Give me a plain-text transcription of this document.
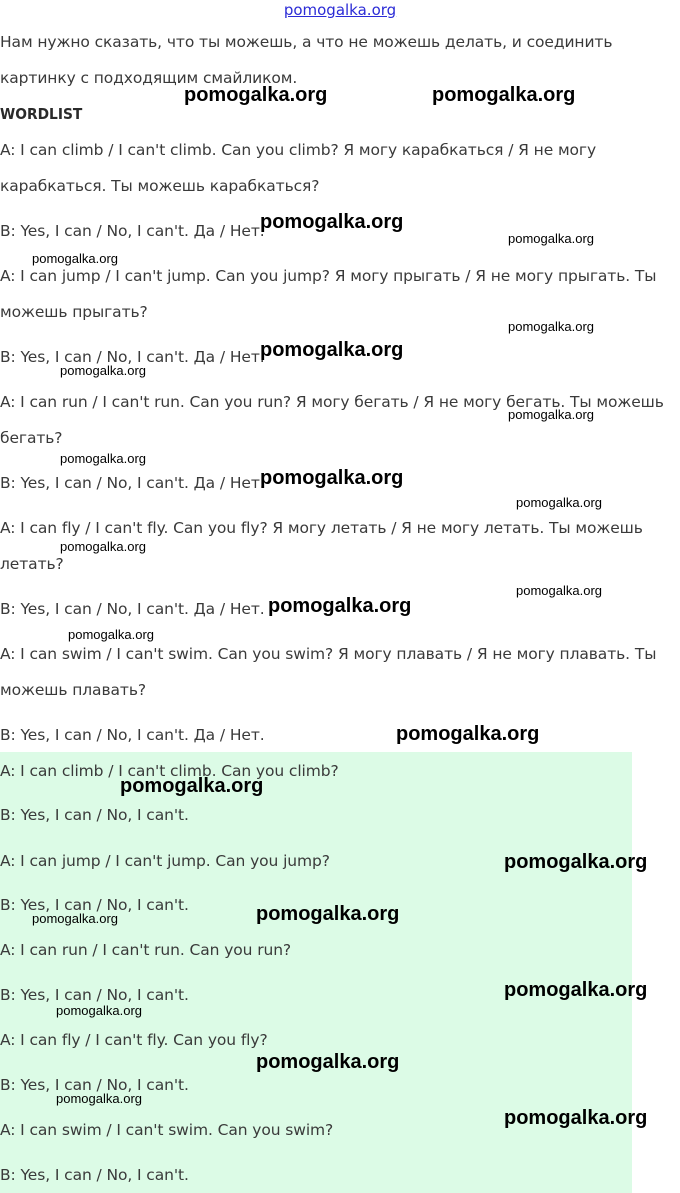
pomogalka.org
Нам нужно сказать, что ты можешь, а что не можешь делать, и соединить
картинку с подходящим смайликом.
WORDLIST
A: I can climb / I can't climb. Can you climb? Я могу карабкаться / Я не могу
карабкаться. Ты можешь карабкаться?
B: Yes, I can / No, I can't. Да / Нет.
A: I can jump / I can't jump. Can you jump? Я могу прыгать / Я не могу прыгать. Ты
можешь прыгать?
B: Yes, I can / No, I can't. Да / Нет.
A: I can run / I can't run. Can you run? Я могу бегать / Я не могу бегать. Ты можешь
бегать?
B: Yes, I can / No, I can't. Да / Нет.
A: I can fly / I can't fly. Can you fly? Я могу летать / Я не могу летать. Ты можешь
летать?
B: Yes, I can / No, I can't. Да / Нет.
A: I can swim / I can't swim. Can you swim? Я могу плавать / Я не могу плавать. Ты
можешь плавать?
B: Yes, I can / No, I can't. Да / Нет.
A: I can climb / I can't climb. Can you climb?
B: Yes, I can / No, I can't.
A: I can jump / I can't jump. Can you jump?
B: Yes, I can / No, I can't.
A: I can run / I can't run. Can you run?
B: Yes, I can / No, I can't.
A: I can fly / I can't fly. Can you fly?
B: Yes, I can / No, I can't.
A: I can swim / I can't swim. Can you swim?
B: Yes, I can / No, I can't.
pomogalka.org	pomogalka.org
pomogalka.org
pomogalka.org
pomogalka.org
pomogalka.org
pomogalka.org
pomogalka.org
pomogalka.org
pomogalka.org
pomogalka.org
pomogalka.org
pomogalka.org
pomogalka.org
pomogalka.org
pomogalka.org
pomogalka.org
pomogalka.org
pomogalka.org
pomogalka.org
pomogalka.org
pomogalka.org
pomogalka.org
pomogalka.org
pomogalka.org
pomogalka.org
